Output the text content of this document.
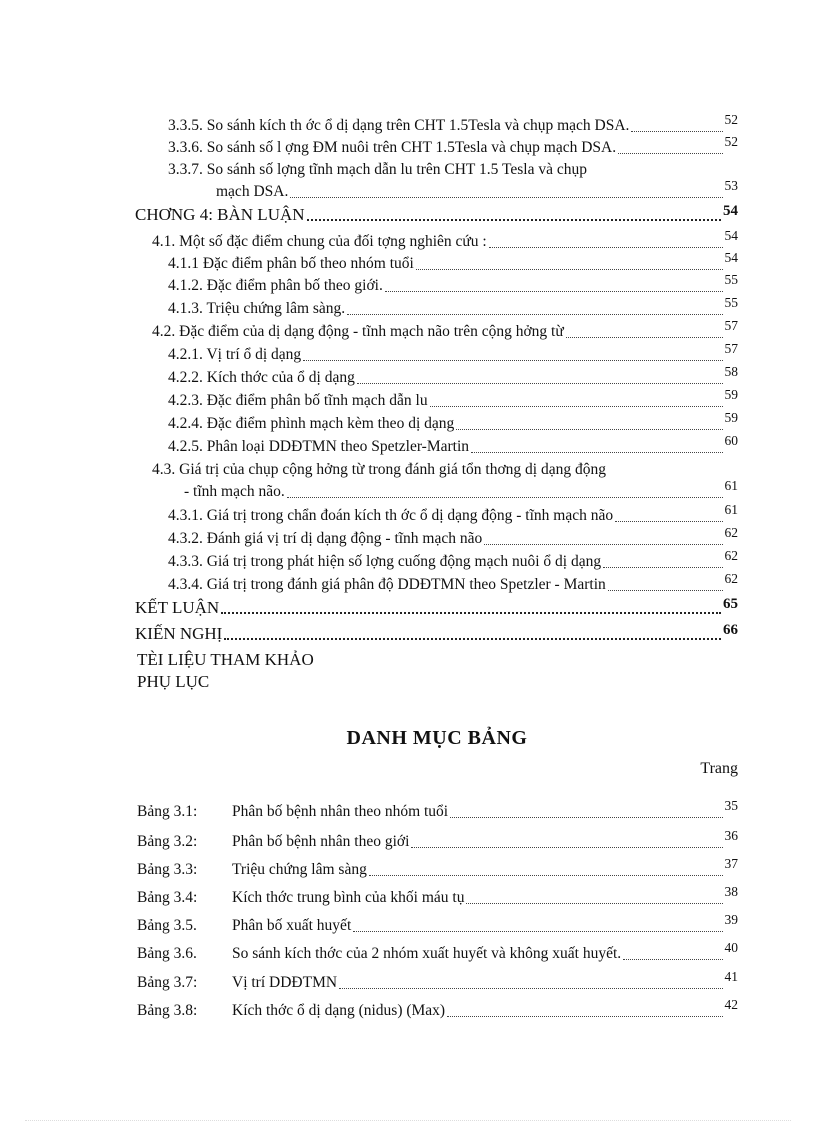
3.3.5. So sánh kích th ớc ổ dị dạng trên CHT 1.5Tesla và chụp mạch DSA.	52
3.3.6. So sánh số l ợng ĐM nuôi trên CHT 1.5Tesla và chụp mạch DSA.	52
3.3.7. So sánh số lợng tĩnh mạch dẫn lu trên CHT 1.5 Tesla và chụp
mạch DSA.	53
CHƠNG 4: BÀN LUẬN	54
4.1. Một số đặc điểm chung của đối tợng nghiên cứu :	54
4.1.1 Đặc điểm phân bố theo nhóm tuổi	54
4.1.2. Đặc điểm phân bố theo giới.	55
4.1.3. Triệu chứng lâm sàng.	55
4.2. Đặc điểm của dị dạng động - tĩnh mạch não trên cộng hởng từ	57
4.2.1. Vị trí ổ dị dạng	57
4.2.2. Kích thớc của ổ dị dạng	58
4.2.3. Đặc điểm phân bố tĩnh mạch dẫn lu	59
4.2.4. Đặc điểm phình mạch kèm theo dị dạng	59
4.2.5. Phân loại DDĐTMN theo Spetzler-Martin	60
4.3. Giá trị của chụp cộng hởng từ trong đánh giá tổn thơng dị dạng động
- tĩnh mạch não.	61
4.3.1. Giá trị trong chẩn đoán kích th ớc ổ dị dạng động - tĩnh mạch não	61
4.3.2. Đánh giá vị trí dị dạng động - tĩnh mạch não	62
4.3.3. Giá trị trong phát hiện số lợng cuống động mạch nuôi ổ dị dạng	62
4.3.4. Giá trị trong đánh giá phân độ DDĐTMN theo Spetzler - Martin	62
KẾT LUẬN	65
KIẾN NGHỊ	66
TÈI LIỆU THAM KHẢO
PHỤ LỤC
DANH MỤC BẢNG
Trang
Bảng 3.1:	Phân bố bệnh nhân theo nhóm tuổi	35
Bảng 3.2:	Phân bố bệnh nhân theo giới	36
Bảng 3.3:	Triệu chứng lâm sàng	37
Bảng 3.4:	Kích thớc trung bình của khối máu tụ	38
Bảng 3.5.	Phân bố xuất huyết	39
Bảng 3.6.	So sánh kích thớc của 2 nhóm xuất huyết và không xuất huyết.	40
Bảng 3.7:	Vị trí DDĐTMN	41
Bảng 3.8:	Kích thớc ổ dị dạng (nidus) (Max)	42
